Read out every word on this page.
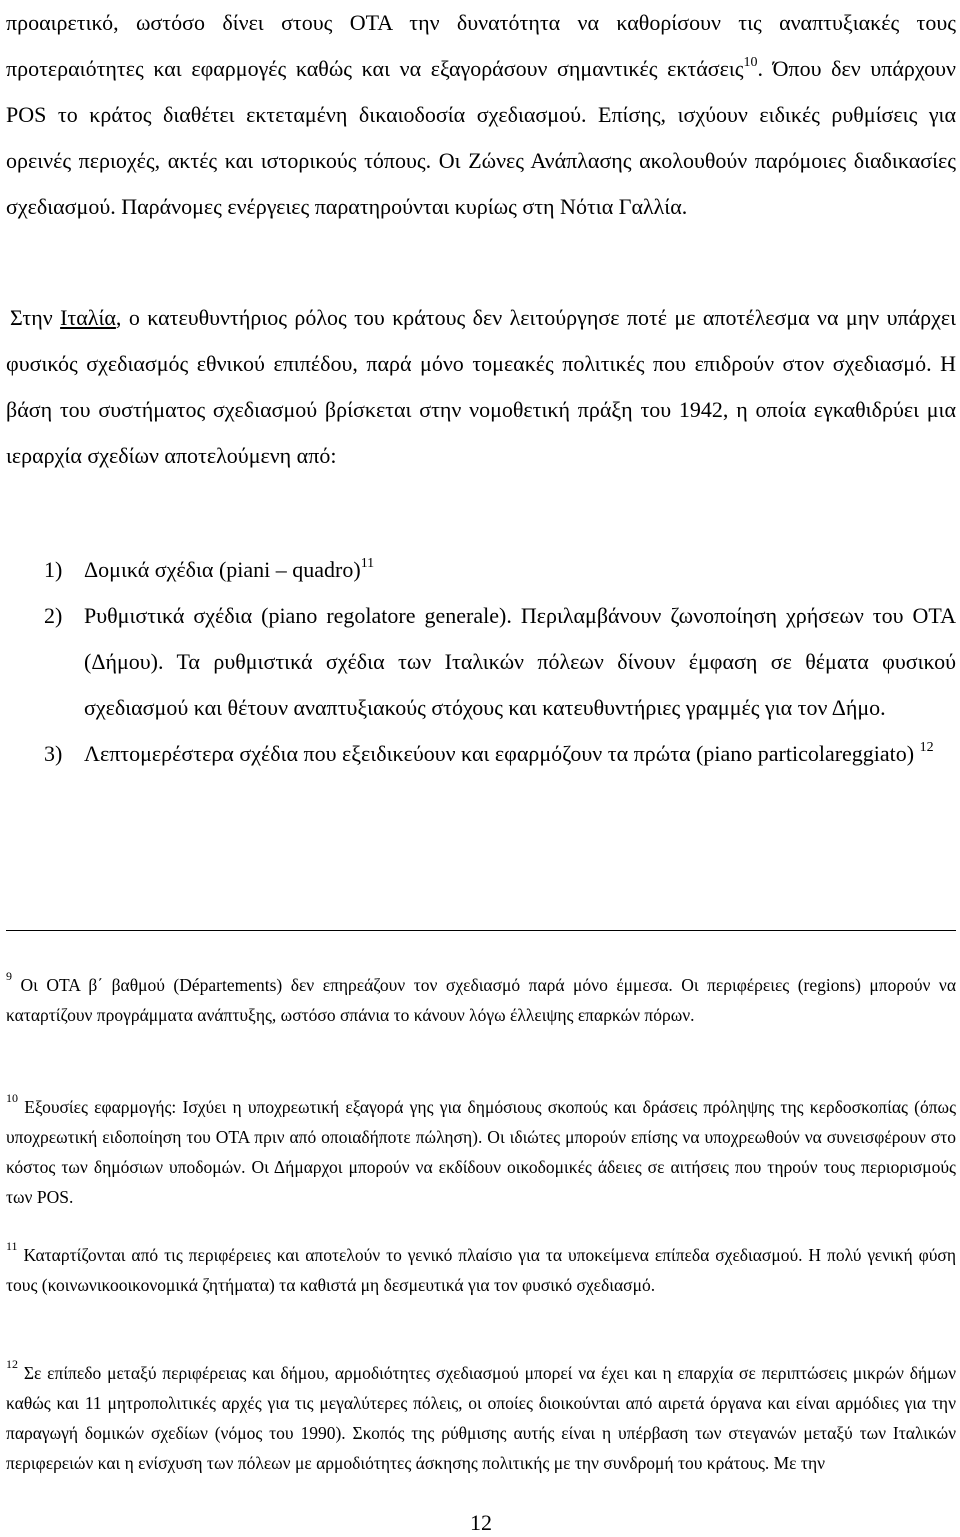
προαιρετικό, ωστόσο δίνει στους ΟΤΑ την δυνατότητα να καθορίσουν τις αναπτυξιακές τους προτεραιότητες και εφαρμογές καθώς και να εξαγοράσουν σημαντικές εκτάσεις$^{10}$. Όπου δεν υπάρχουν POS το κράτος διαθέτει εκτεταμένη δικαιοδοσία σχεδιασμού. Επίσης, ισχύουν ειδικές ρυθμίσεις για ορεινές περιοχές, ακτές και ιστορικούς τόπους. Οι Ζώνες Ανάπλασης ακολουθούν παρόμοιες διαδικασίες σχεδιασμού. Παράνομες ενέργειες παρατηρούνται κυρίως στη Νότια Γαλλία.

Στην Ιταλία, ο κατευθυντήριος ρόλος του κράτους δεν λειτούργησε ποτέ με αποτέλεσμα να μην υπάρχει φυσικός σχεδιασμός εθνικού επιπέδου, παρά μόνο τομεακές πολιτικές που επιδρούν στον σχεδιασμό. Η βάση του συστήματος σχεδιασμού βρίσκεται στην νομοθετική πράξη του 1942, η οποία εγκαθιδρύει μια ιεραρχία σχεδίων αποτελούμενη από:

1) Δομικά σχέδια (piani – quadro)$^{11}$
2) Ρυθμιστικά σχέδια (piano regolatore generale). Περιλαμβάνουν ζωνοποίηση χρήσεων του ΟΤΑ (Δήμου). Τα ρυθμιστικά σχέδια των Ιταλικών πόλεων δίνουν έμφαση σε θέματα φυσικού σχεδιασμού και θέτουν αναπτυξιακούς στόχους και κατευθυντήριες γραμμές για τον Δήμο.
3) Λεπτομερέστερα σχέδια που εξειδικεύουν και εφαρμόζουν τα πρώτα (piano particolareggiato) $^{12}$

$^9$ Οι ΟΤΑ β΄ βαθμού (Départements) δεν επηρεάζουν τον σχεδιασμό παρά μόνο έμμεσα. Οι περιφέρειες (regions) μπορούν να καταρτίζουν προγράμματα ανάπτυξης, ωστόσο σπάνια το κάνουν λόγω έλλειψης επαρκών πόρων.

$^{10}$ Εξουσίες εφαρμογής: Ισχύει η υποχρεωτική εξαγορά γης για δημόσιους σκοπούς και δράσεις πρόληψης της κερδοσκοπίας (όπως υποχρεωτική ειδοποίηση του ΟΤΑ πριν από οποιαδήποτε πώληση). Οι ιδιώτες μπορούν επίσης να υποχρεωθούν να συνεισφέρουν στο κόστος των δημόσιων υποδομών. Οι Δήμαρχοι μπορούν να εκδίδουν οικοδομικές άδειες σε αιτήσεις που τηρούν τους περιορισμούς των POS.

$^{11}$ Καταρτίζονται από τις περιφέρειες και αποτελούν το γενικό πλαίσιο για τα υποκείμενα επίπεδα σχεδιασμού. Η πολύ γενική φύση τους (κοινωνικοοικονομικά ζητήματα) τα καθιστά μη δεσμευτικά για τον φυσικό σχεδιασμό.

$^{12}$ Σε επίπεδο μεταξύ περιφέρειας και δήμου, αρμοδιότητες σχεδιασμού μπορεί να έχει και η επαρχία σε περιπτώσεις μικρών δήμων καθώς και 11 μητροπολιτικές αρχές για τις μεγαλύτερες πόλεις, οι οποίες διοικούνται από αιρετά όργανα και είναι αρμόδιες για την παραγωγή δομικών σχεδίων (νόμος του 1990). Σκοπός της ρύθμισης αυτής είναι η υπέρβαση των στεγανών μεταξύ των Ιταλικών περιφερειών και η ενίσχυση των πόλεων με αρμοδιότητες άσκησης πολιτικής με την συνδρομή του κράτους. Με την

12
